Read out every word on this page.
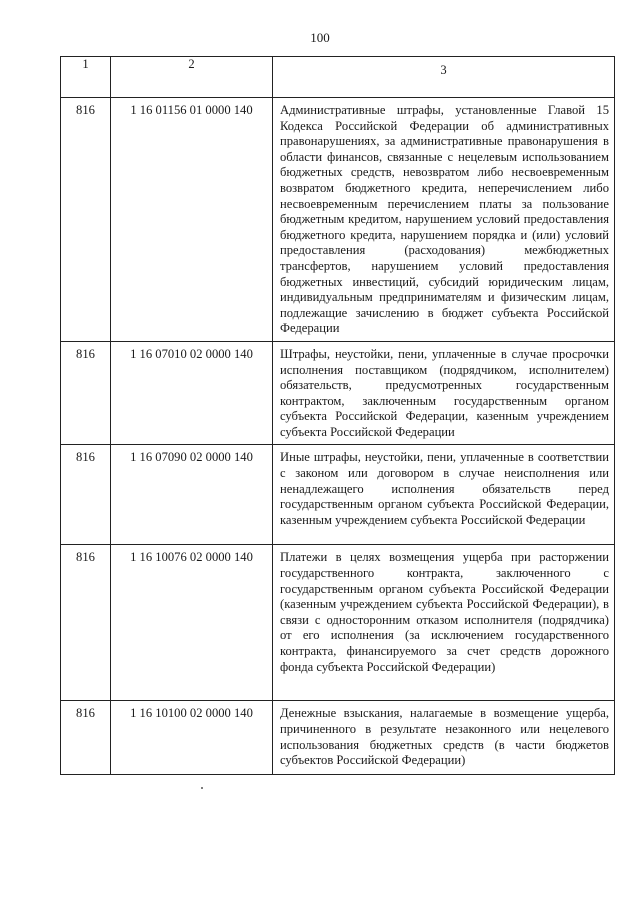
100
1	2	3
816	1 16 01156 01 0000 140	Административные штрафы, установленные Главой 15 Кодекса Российской Федерации об административных правонарушениях, за административные правонарушения в области финансов, связанные с нецелевым использованием бюджетных средств, невозвратом либо несвоевременным возвратом бюджетного кредита, неперечислением либо несвоевременным перечислением платы за пользование бюджетным кредитом, нарушением условий предоставления бюджетного кредита, нарушением порядка и (или) условий предоставления (расходования) межбюджетных трансфертов, нарушением условий предоставления бюджетных инвестиций, субсидий юридическим лицам, индивидуальным предпринимателям и физическим лицам, подлежащие зачислению в бюджет субъекта Российской Федерации
816	1 16 07010 02 0000 140	Штрафы, неустойки, пени, уплаченные в случае просрочки исполнения поставщиком (подрядчиком, исполнителем) обязательств, предусмотренных государственным контрактом, заключенным государственным органом субъекта Российской Федерации, казенным учреждением субъекта Российской Федерации
816	1 16 07090 02 0000 140	Иные штрафы, неустойки, пени, уплаченные в соответствии с законом или договором в случае неисполнения или ненадлежащего исполнения обязательств перед государственным органом субъекта Российской Федерации, казенным учреждением субъекта Российской Федерации
816	1 16 10076 02 0000 140	Платежи в целях возмещения ущерба при расторжении государственного контракта, заключенного с государственным органом субъекта Российской Федерации (казенным учреждением субъекта Российской Федерации), в связи с односторонним отказом исполнителя (подрядчика) от его исполнения (за исключением государственного контракта, финансируемого за счет средств дорожного фонда субъекта Российской Федерации)
816	1 16 10100 02 0000 140	Денежные взыскания, налагаемые в возмещение ущерба, причиненного в результате незаконного или нецелевого использования бюджетных средств (в части бюджетов субъектов Российской Федерации)
